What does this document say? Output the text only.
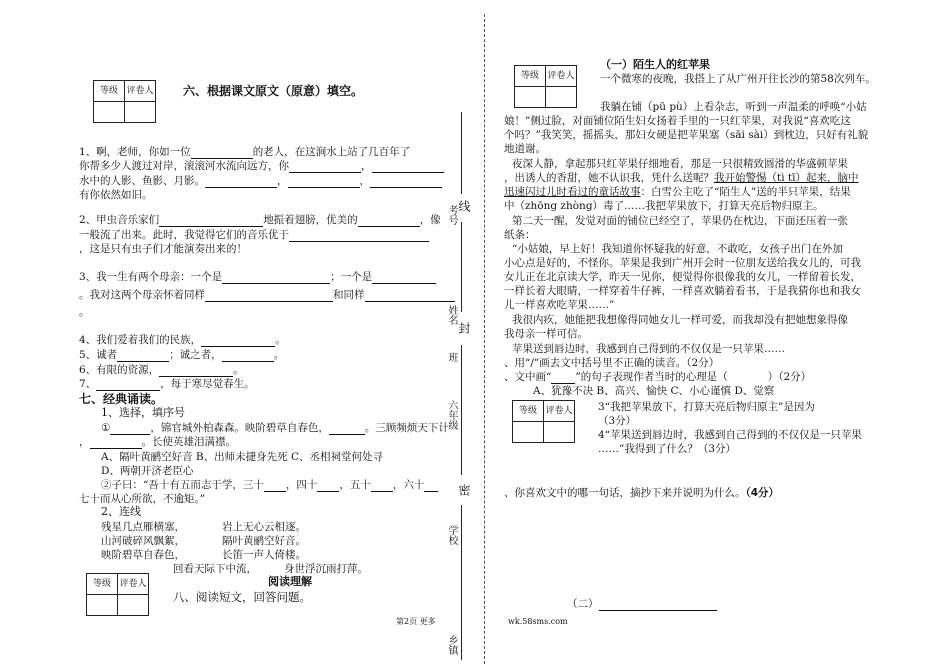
等级	评卷人
	六、根据课文原文（原意）填空。
1、啊，老师，你如一位	的老人，在这涧水上站了几百年了
你帮多少人渡过对岸，滚滚河水流向远方，你	，
水中的人影、鱼影、月影。	，	，
有你依然如旧。
2、甲虫音乐家们	地振着翅膀，优美的	，像
一般流了出来。此时，我觉得它们的音乐优于
，这是只有虫子们才能演奏出来的！
3、我一生有两个母亲：一个是	；一个是
。我对这两个母亲怀着同样	和同样
。
4、我们爱着我们的民族，	。
5、诚者	；诚之者，	。
6、有限的资源，	。
7、	，每于寒尽觉春生。
七、经典诵读。
1、选择，填序号
①	，锦官城外柏森森。映阶碧草自春色，	。三顾频烦天下计
，	。长使英雄泪满襟。
A、隔叶黄鹂空好音 B、出师未捷身先死 C、丞相祠堂何处寻
D、两朝开济老臣心
②子曰：“吾十有五而志于学，三十 ，四十 ，五十 ，六十
七十而从心所欲，不逾矩。”
2、连线
残星几点雁横塞，	岩上无心云相逐。
山河破碎风飘絮，	隔叶黄鹂空好音。
映阶碧草自春色，	长笛一声人倚楼。
回看天际下中流，	身世浮沉雨打萍。
等级	评卷人
		阅读理解
八、阅读短文，回答问题。
第2页 更多
线
考号
姓名
封
班
六年级
密
学校
乡镇
等级	评卷人

（一）陌生人的红苹果
一个微寒的夜晚，我搭上了从广州开往长沙的第58次列车。
我躺在铺（pū pù）上看杂志，听到一声温柔的呼唤“小姑
娘！”侧过脸，对面铺位陌生妇女扬着手里的一只红苹果，对我说“喜欢吃这
个吗？”我笑笑，摇摇头，那妇女硬是把苹果塞（sāi sài）到枕边，只好有礼貌
地道谢。
夜深人静，拿起那只红苹果仔细地看，那是一只很精致圆滑的华盛顿苹果
，出诱人的香甜，她不认识我，凭什么送呢？我开始警惕（tì tī）起来，脑中
迅速闪过儿时看过的童话故事：白雪公主吃了“陌生人”送的半只苹果，结果
中（zhōng zhòng）毒了……我把苹果放下，打算天亮后物归原主。
第二天一醒，发觉对面的铺位已经空了，苹果仍在枕边，下面还压着一张
纸条：
“小姑娘，早上好！我知道你怀疑我的好意，不敢吃，女孩子出门在外加
小心点是好的，不怪你。苹果是我到广州开会时一位朋友送给我女儿的，可我
女儿正在北京读大学，昨天一见你，便觉得你很像我的女儿，一样留着长发，
一样长着大眼睛，一样穿着牛仔裤，一样喜欢躺着看书，于是我猜你也和我女
儿一样喜欢吃苹果……”
我很内疚，她能把我想像得同她女儿一样可爱，而我却没有把她想象得像
我母亲一样可信。
苹果送到唇边时，我感到自己得到的不仅仅是一只苹果……
、用“/”画去文中括号里不正确的读音。（2分）
、文中画“ ”的句子表现作者当时的心理是（	）（2分）
A、犹豫不决 B、高兴、愉快 C、小心谨慎 D、觉察
等级	评卷人
	3“我把苹果放下，打算天亮后物归原主”是因为
（3分）
4“苹果送到唇边时，我感到自己得到的不仅仅是一只苹果
……”我得到了什么？（3分）
、你喜欢文中的哪一句话，摘抄下来并说明为什么。（4分）
（二）
wk.58sms.com
